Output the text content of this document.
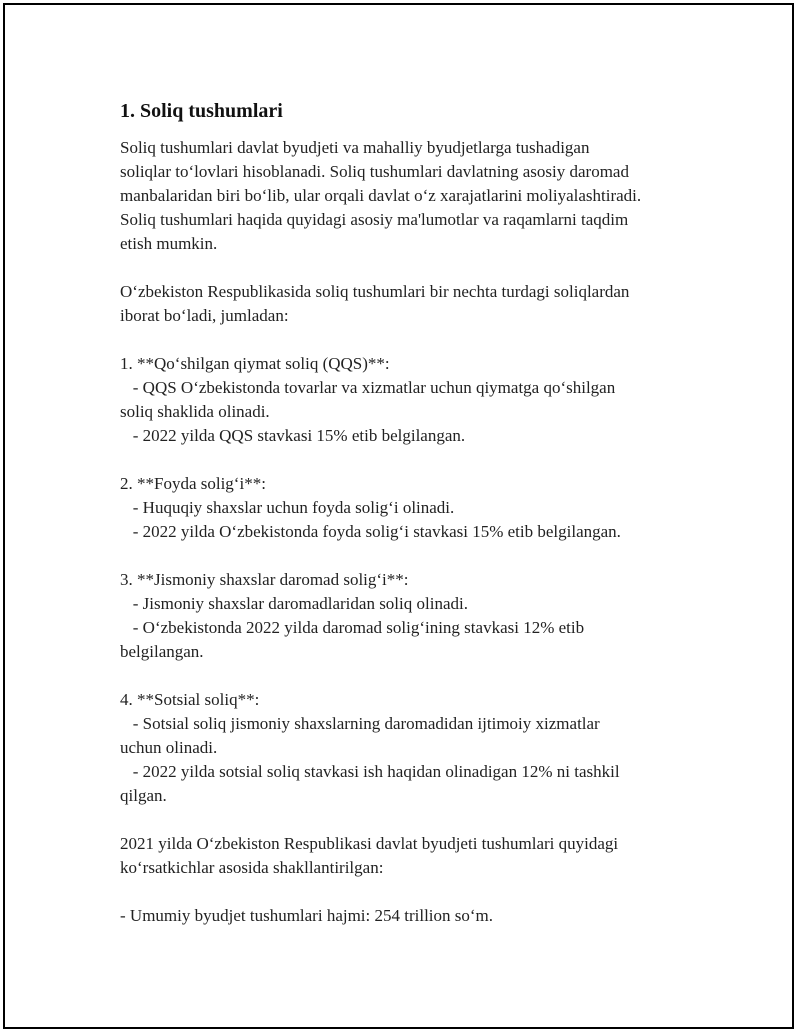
1. Soliq tushumlari

Soliq tushumlari davlat byudjeti va mahalliy byudjetlarga tushadigan
soliqlar to‘lovlari hisoblanadi. Soliq tushumlari davlatning asosiy daromad
manbalaridan biri bo‘lib, ular orqali davlat o‘z xarajatlarini moliyalashtiradi.
Soliq tushumlari haqida quyidagi asosiy ma'lumotlar va raqamlarni taqdim
etish mumkin.

O‘zbekiston Respublikasida soliq tushumlari bir nechta turdagi soliqlardan
iborat bo‘ladi, jumladan:

1. **Qo‘shilgan qiymat soliq (QQS)**:

- QQS O‘zbekistonda tovarlar va xizmatlar uchun qiymatga qo‘shilgan
soliq shaklida olinadi.

- 2022 yilda QQS stavkasi 15% etib belgilangan.

2. **Foyda solig‘i**:

- Huquqiy shaxslar uchun foyda solig‘i olinadi.

- 2022 yilda O‘zbekistonda foyda solig‘i stavkasi 15% etib belgilangan.

3. **Jismoniy shaxslar daromad solig‘i**:

- Jismoniy shaxslar daromadlaridan soliq olinadi.

- O‘zbekistonda 2022 yilda daromad solig‘ining stavkasi 12% etib
belgilangan.

4. **Sotsial soliq**:

- Sotsial soliq jismoniy shaxslarning daromadidan ijtimoiy xizmatlar
uchun olinadi.

- 2022 yilda sotsial soliq stavkasi ish haqidan olinadigan 12% ni tashkil
qilgan.

2021 yilda O‘zbekiston Respublikasi davlat byudjeti tushumlari quyidagi
ko‘rsatkichlar asosida shakllantirilgan:

- Umumiy byudjet tushumlari hajmi: 254 trillion so‘m.
